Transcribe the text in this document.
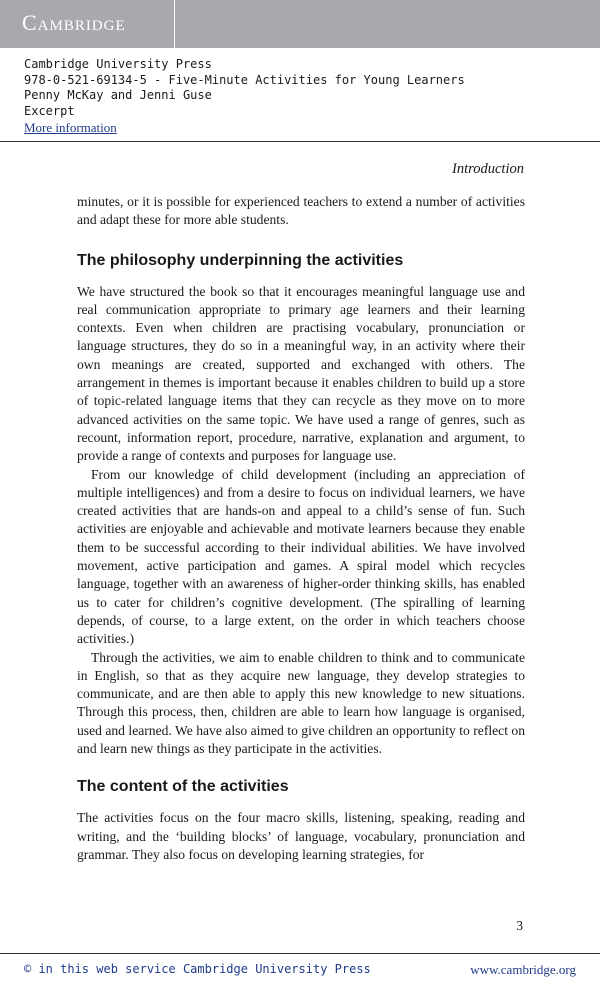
Cambridge
Cambridge University Press
978-0-521-69134-5 - Five-Minute Activities for Young Learners
Penny McKay and Jenni Guse
Excerpt
More information
Introduction

minutes, or it is possible for experienced teachers to extend a number of activities and adapt these for more able students.

The philosophy underpinning the activities

We have structured the book so that it encourages meaningful language use and real communication appropriate to primary age learners and their learning contexts. Even when children are practising vocabulary, pronunciation or language structures, they do so in a meaningful way, in an activity where their own meanings are created, supported and exchanged with others. The arrangement in themes is important because it enables children to build up a store of topic-related language items that they can recycle as they move on to more advanced activities on the same topic. We have used a range of genres, such as recount, information report, procedure, narrative, explanation and argument, to provide a range of contexts and purposes for language use.

From our knowledge of child development (including an appreciation of multiple intelligences) and from a desire to focus on individual learners, we have created activities that are hands-on and appeal to a child’s sense of fun. Such activities are enjoyable and achievable and motivate learners because they enable them to be successful according to their individual abilities. We have involved movement, active participation and games. A spiral model which recycles language, together with an awareness of higher-order thinking skills, has enabled us to cater for children’s cognitive development. (The spiralling of learning depends, of course, to a large extent, on the order in which teachers choose activities.)

Through the activities, we aim to enable children to think and to communicate in English, so that as they acquire new language, they develop strategies to communicate, and are then able to apply this new knowledge to new situations. Through this process, then, children are able to learn how language is organised, used and learned. We have also aimed to give children an opportunity to reflect on and learn new things as they participate in the activities.

The content of the activities

The activities focus on the four macro skills, listening, speaking, reading and writing, and the ‘building blocks’ of language, vocabulary, pronunciation and grammar. They also focus on developing learning strategies, for

3
© in this web service Cambridge University Press	www.cambridge.org
